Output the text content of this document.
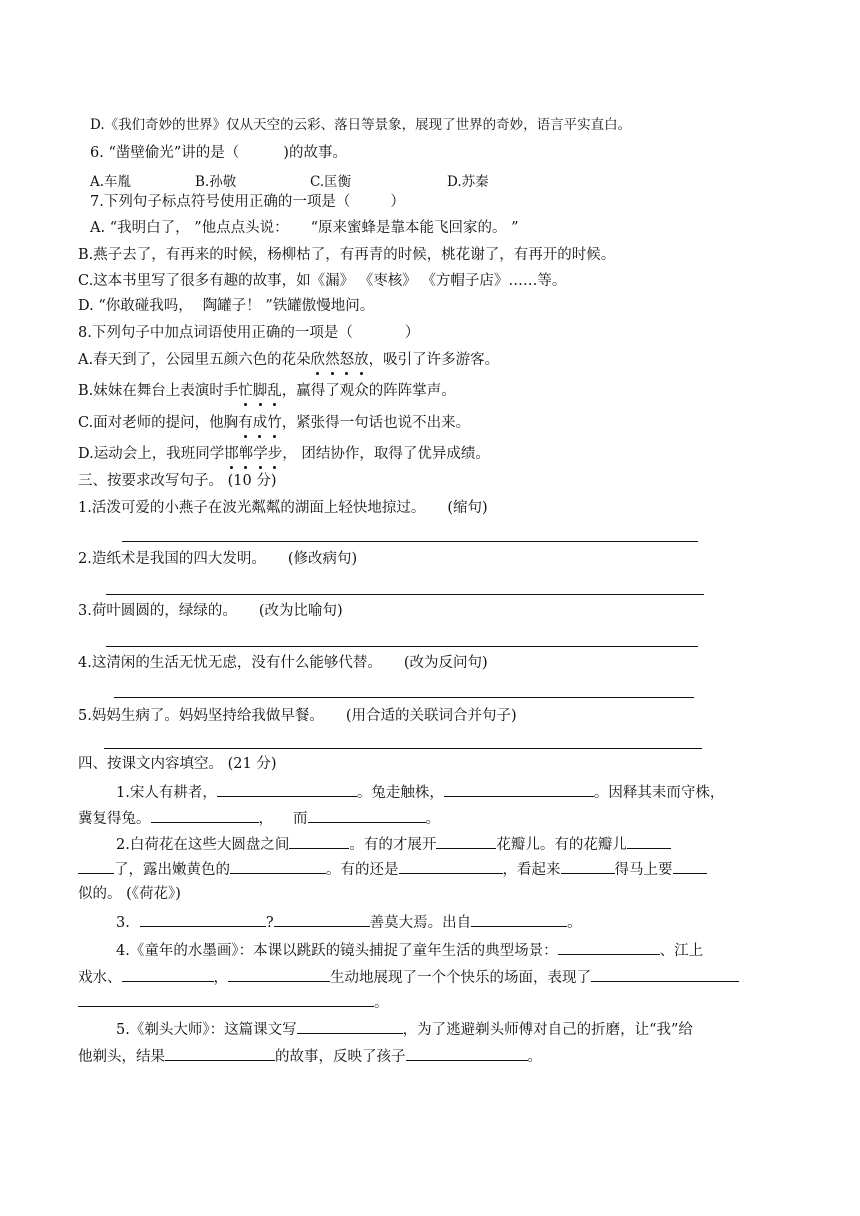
D.《我们奇妙的世界》仅从天空的云彩、落日等景象，展现了世界的奇妙，语言平实直白。
6. “凿壁偷光”讲的是（	)的故事。
A.车胤	B.孙敬	C.匡衡	D.苏秦
7.下列句子标点符号使用正确的一项是（	）
A. “我明白了， ”他点点头说： “原来蜜蜂是靠本能飞回家的。 ”
B.燕子去了，有再来的时候，杨柳枯了，有再青的时候，桃花谢了，有再开的时候。
C.这本书里写了很多有趣的故事，如《漏》 《枣核》 《方帽子店》……等。
D. “你敢碰我吗， 陶罐子！ ”铁罐傲慢地问。
8.下列句子中加点词语使用正确的一项是（	）
A.春天到了，公园里五颜六色的花朵欣然怒放，吸引了许多游客。
B.妹妹在舞台上表演时手忙脚乱，赢得了观众的阵阵掌声。
C.面对老师的提问，他胸有成竹，紧张得一句话也说不出来。
D.运动会上，我班同学邯郸学步， 团结协作，取得了优异成绩。
三、按要求改写句子。 (10 分)
1.活泼可爱的小燕子在波光粼粼的湖面上轻快地掠过。 (缩句)
2.造纸术是我国的四大发明。 (修改病句)
3.荷叶圆圆的，绿绿的。 (改为比喻句)
4.这清闲的生活无忧无虑，没有什么能够代替。 (改为反问句)
5.妈妈生病了。妈妈坚持给我做早餐。 (用合适的关联词合并句子)
四、按课文内容填空。 (21 分)
1.宋人有耕者，	。兔走触株，	。因释其耒而守株，
冀复得兔。	， 而	。
2.白荷花在这些大圆盘之间	。有的才展开	花瓣儿。有的花瓣儿
了，露出嫩黄色的	。有的还是	，看起来	得马上要
似的。 (《荷花》)
3.	?	善莫大焉。出自	。
4.《童年的水墨画》：本课以跳跃的镜头捕捉了童年生活的典型场景：	、江上
戏水、	，	生动地展现了一个个快乐的场面，表现了
。
5.《剃头大师》：这篇课文写	，为了逃避剃头师傅对自己的折磨，让“我”给
他剃头，结果	的故事，反映了孩子	。
